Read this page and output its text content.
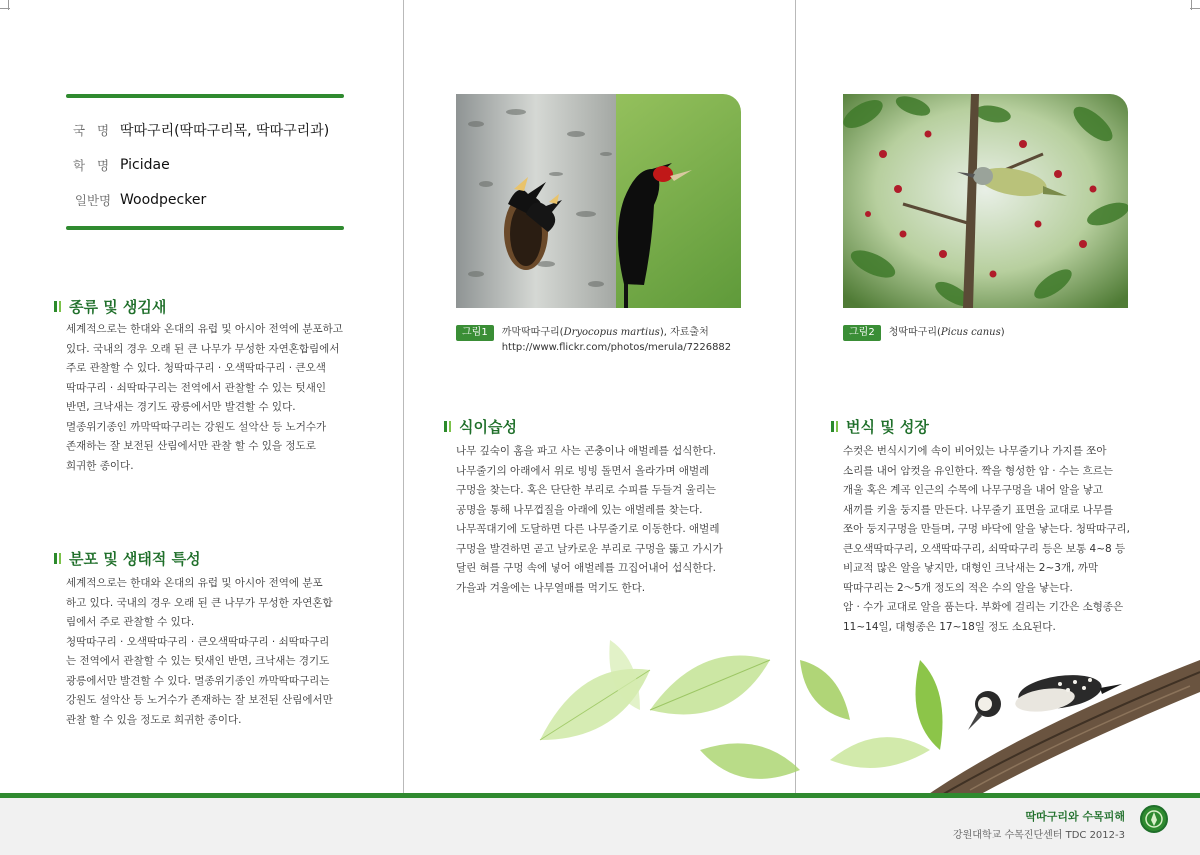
국 명 딱따구리(딱따구리목, 딱따구리과)
학 명 Picidae
일반명 Woodpecker
종류 및 생김새
세계적으로는 한대와 온대의 유럽 및 아시아 전역에 분포하고
있다. 국내의 경우 오래 된 큰 나무가 무성한 자연혼합림에서
주로 관찰할 수 있다. 청딱따구리 · 오색딱따구리 · 큰오색
딱따구리 · 쇠딱따구리는 전역에서 관찰할 수 있는 텃새인
반면, 크낙새는 경기도 광릉에서만 발견할 수 있다.
멸종위기종인 까막딱따구리는 강원도 설악산 등 노거수가
존재하는 잘 보전된 산림에서만 관찰 할 수 있을 정도로
희귀한 종이다.
분포 및 생태적 특성
세계적으로는 한대와 온대의 유럽 및 아시아 전역에 분포
하고 있다. 국내의 경우 오래 된 큰 나무가 무성한 자연혼합
림에서 주로 관찰할 수 있다.
청딱따구리 · 오색딱따구리 · 큰오색딱따구리 · 쇠딱따구리
는 전역에서 관찰할 수 있는 텃새인 반면, 크낙새는 경기도
광릉에서만 발견할 수 있다. 멸종위기종인 까막딱따구리는
강원도 설악산 등 노거수가 존재하는 잘 보전된 산림에서만
관찰 할 수 있을 정도로 희귀한 종이다.
그림1	까막딱따구리(Dryocopus martius), 자료출처
http://www.flickr.com/photos/merula/7226882
식이습성
나무 깊숙이 홈을 파고 사는 곤충이나 애벌레를 섭식한다.
나무줄기의 아래에서 위로 빙빙 돌면서 올라가며 애벌레
구멍을 찾는다. 혹은 단단한 부리로 수피를 두들겨 울리는
공명을 통해 나무껍질을 아래에 있는 애벌레를 찾는다.
나무꼭대기에 도달하면 다른 나무줄기로 이동한다. 애벌레
구멍을 발견하면 곧고 날카로운 부리로 구멍을 뚫고 가시가
달린 혀를 구멍 속에 넣어 애벌레를 끄집어내어 섭식한다.
가을과 겨울에는 나무열매를 먹기도 한다.
그림2	청딱따구리(Picus canus)
번식 및 성장
수컷은 번식시기에 속이 비어있는 나무줄기나 가지를 쪼아
소리를 내어 암컷을 유인한다. 짝을 형성한 암 · 수는 흐르는
개울 혹은 계곡 인근의 수목에 나무구멍을 내어 알을 낳고
새끼를 키울 둥지를 만든다. 나무줄기 표면을 교대로 나무를
쪼아 둥지구멍을 만들며, 구멍 바닥에 알을 낳는다. 청딱따구리,
큰오색딱따구리, 오색딱따구리, 쇠딱따구리 등은 보통 4~8 등
비교적 많은 알을 낳지만, 대형인 크낙새는 2~3개, 까막
딱따구리는 2～5개 정도의 적은 수의 알을 낳는다.
암 · 수가 교대로 알을 품는다. 부화에 걸리는 기간은 소형종은
11~14일, 대형종은 17~18일 정도 소요된다.
딱따구리와 수목피해
강원대학교 수목진단센터 TDC 2012-3
